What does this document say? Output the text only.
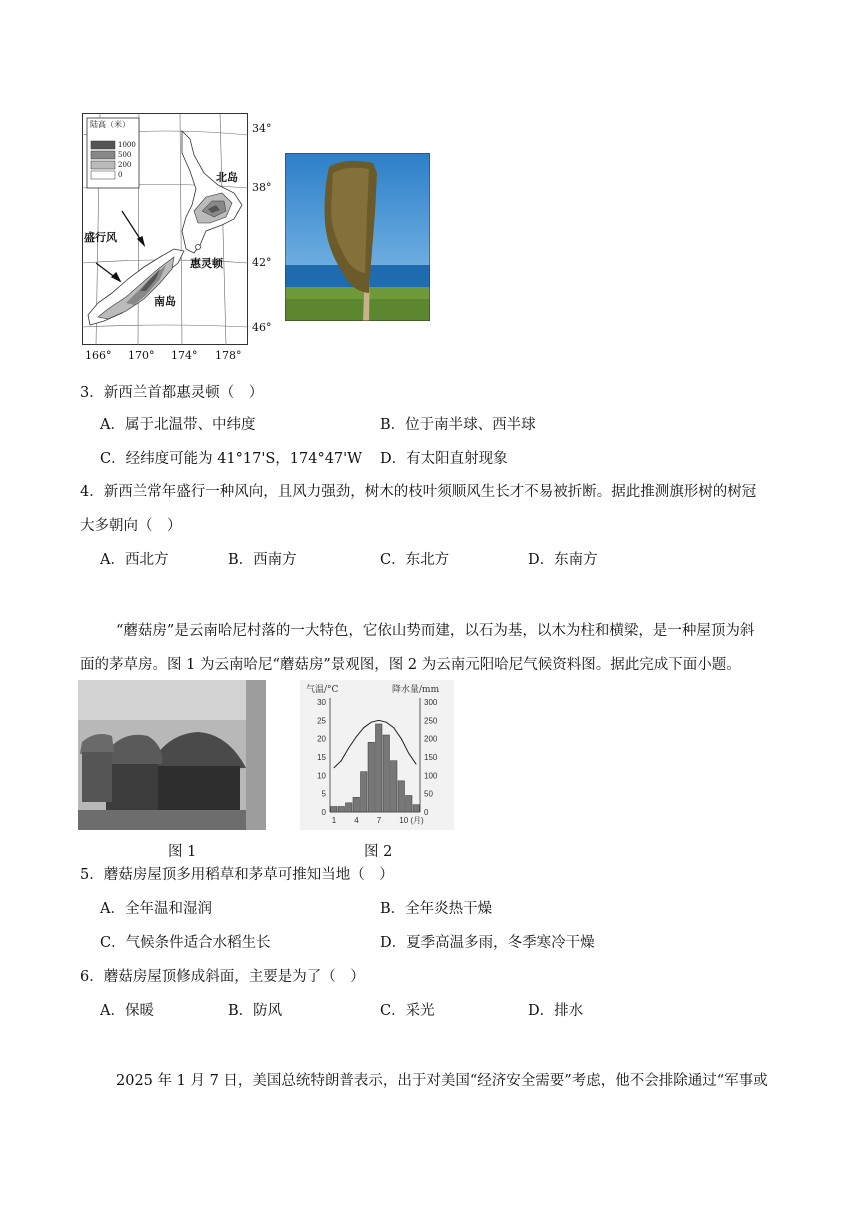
陆高（米）
1000
500
200
0	北岛
南岛
盛行风
惠灵顿
34°
38°
42°
46°
166° 170° 174° 178°
3．新西兰首都惠灵顿（　）
A．属于北温带、中纬度	B．位于南半球、西半球
C．经纬度可能为 41°17'S，174°47'W D．有太阳直射现象
4．新西兰常年盛行一种风向，且风力强劲，树木的枝叶须顺风生长才不易被折断。据此推测旗形树的树冠
大多朝向（　）
A．西北方	B．西南方	C．东北方	D．东南方
“蘑菇房”是云南哈尼村落的一大特色，它依山势而建，以石为基，以木为柱和横梁，是一种屋顶为斜
面的茅草房。图 1 为云南哈尼“蘑菇房”景观图，图 2 为云南元阳哈尼气候资料图。据此完成下面小题。
0
5
10
15
20
25
30
0
50
100
150
200
250
300
1 4 7 10 (月)
气温/°C	降水量/mm
图 1	图 2
5．蘑菇房屋顶多用稻草和茅草可推知当地（　）
A．全年温和湿润	B．全年炎热干燥
C．气候条件适合水稻生长	D．夏季高温多雨，冬季寒冷干燥
6．蘑菇房屋顶修成斜面，主要是为了（　）
A．保暖	B．防风	C．采光	D．排水
2025 年 1 月 7 日，美国总统特朗普表示，出于对美国“经济安全需要”考虑，他不会排除通过“军事或
